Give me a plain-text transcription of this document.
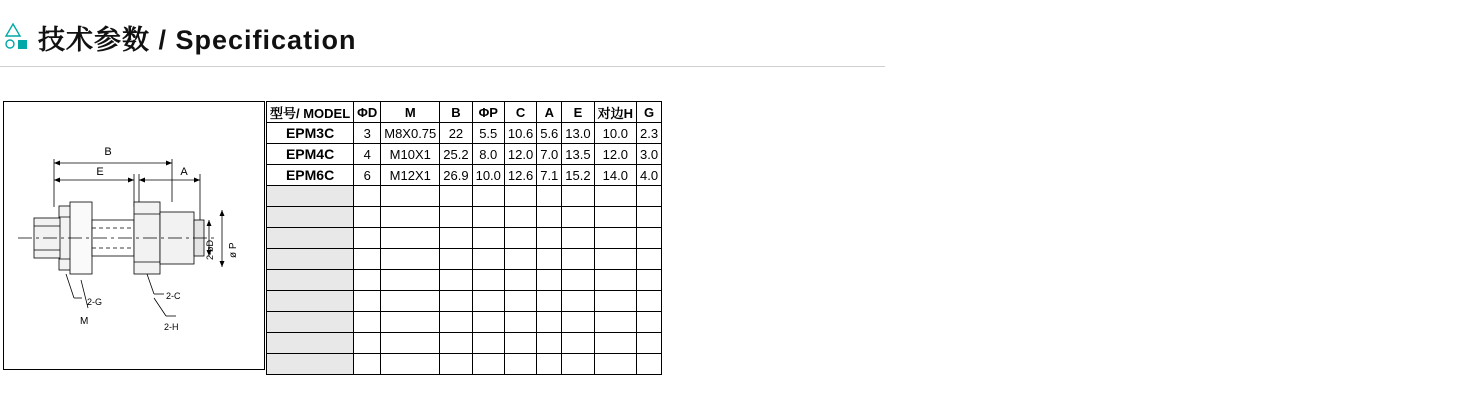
技术参数 / Specification
B
E	A
2-G
M
2-C
2-H
2-øD ø P
型号/ MODEL	ΦD	M	B	ΦP	C	A	E	对边H	G
EPM3C	3	M8X0.75	22	5.5	10.6	5.6	13.0	10.0	2.3
EPM4C	4	M10X1	25.2	8.0	12.0	7.0	13.5	12.0	3.0
EPM6C	6	M12X1	26.9	10.0	12.6	7.1	15.2	14.0	4.0
